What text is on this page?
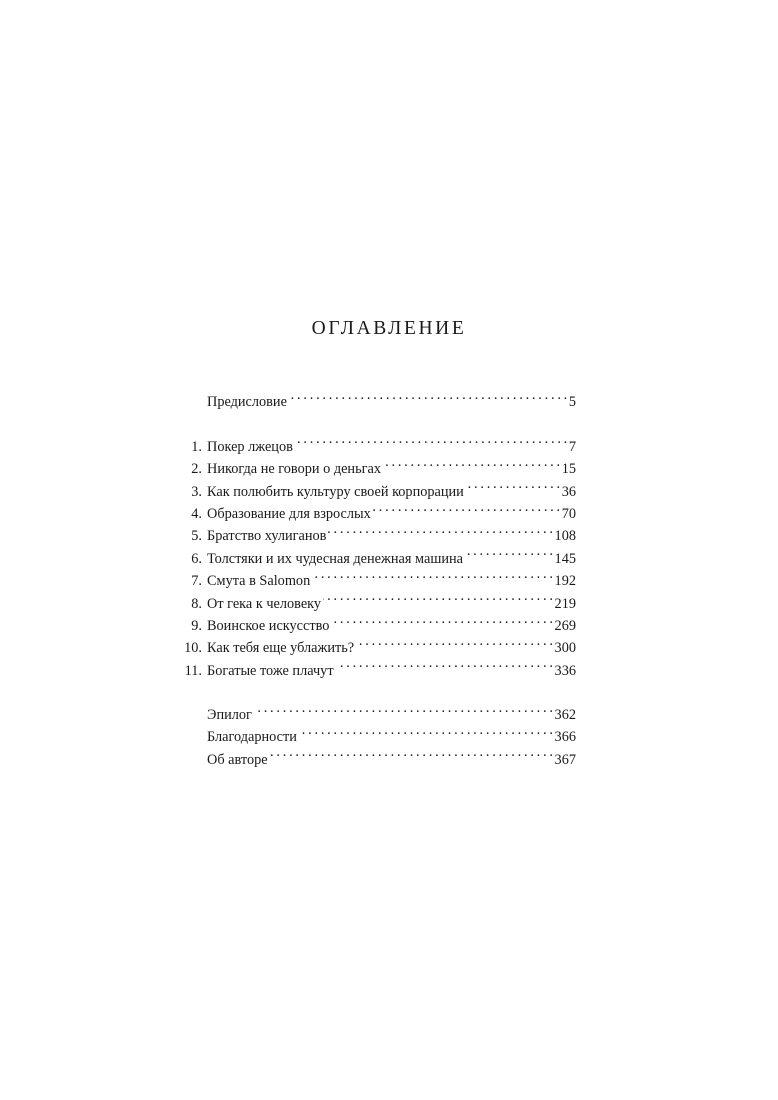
ОГЛАВЛЕНИЕ
Предисловие . . .	5
1. Покер лжецов . . .	7
2. Никогда не говори о деньгах . . .	15
3. Как полюбить культуру своей корпорации . . .	36
4. Образование для взрослых . . .	70
5. Братство хулиганов . . .	108
6. Толстяки и их чудесная денежная машина . . .	145
7. Смута в Salomon . . .	192
8. От гека к человеку . . .	219
9. Воинское искусство . . .	269
10. Как тебя еще ублажить? . . .	300
11. Богатые тоже плачут . . .	336
Эпилог . . .	362
Благодарности . . .	366
Об авторе . . .	367
